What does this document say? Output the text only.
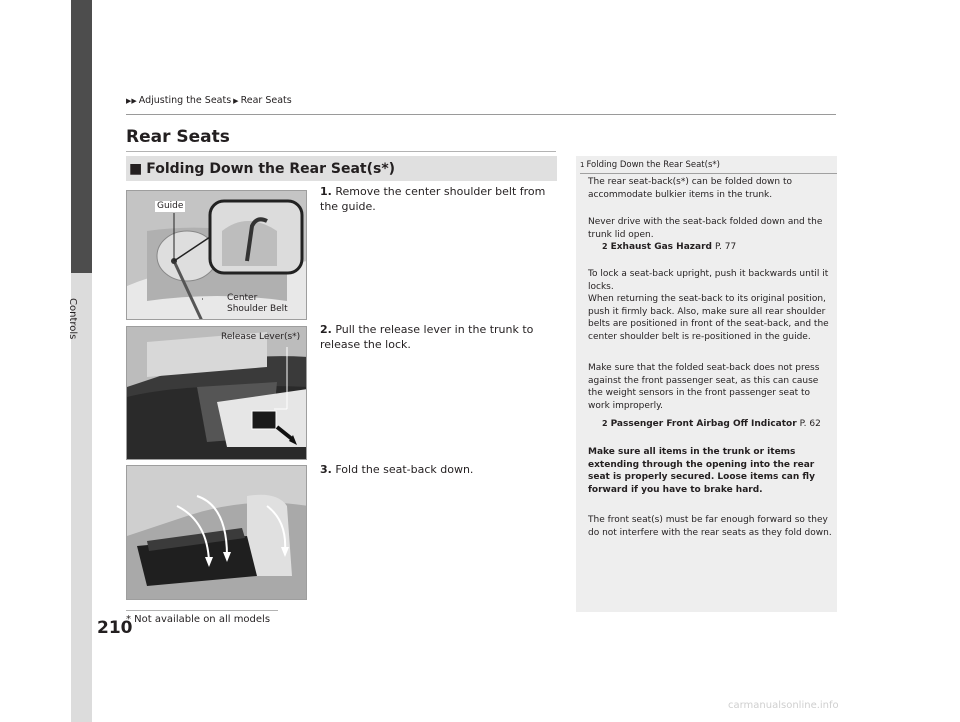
Controls
210
▶▶ Adjusting the Seats ▶ Rear Seats
Rear Seats
■ Folding Down the Rear Seat(s*)
Guide
Center
Shoulder Belt
Release Lever(s*)
1. Remove the center shoulder belt from the guide.
2. Pull the release lever in the trunk to release the lock.
3. Fold the seat-back down.
1 Folding Down the Rear Seat(s*)
The rear seat-back(s*) can be folded down to accommodate bulkier items in the trunk.
Never drive with the seat-back folded down and the trunk lid open.
2 Exhaust Gas Hazard P. 77
To lock a seat-back upright, push it backwards until it locks.
When returning the seat-back to its original position, push it firmly back. Also, make sure all rear shoulder belts are positioned in front of the seat-back, and the center shoulder belt is re-positioned in the guide.
Make sure that the folded seat-back does not press against the front passenger seat, as this can cause the weight sensors in the front passenger seat to work improperly.
2 Passenger Front Airbag Off Indicator P. 62
Make sure all items in the trunk or items extending through the opening into the rear seat is properly secured. Loose items can fly forward if you have to brake hard.
The front seat(s) must be far enough forward so they do not interfere with the rear seats as they fold down.
* Not available on all models
carmanualsonline.info
